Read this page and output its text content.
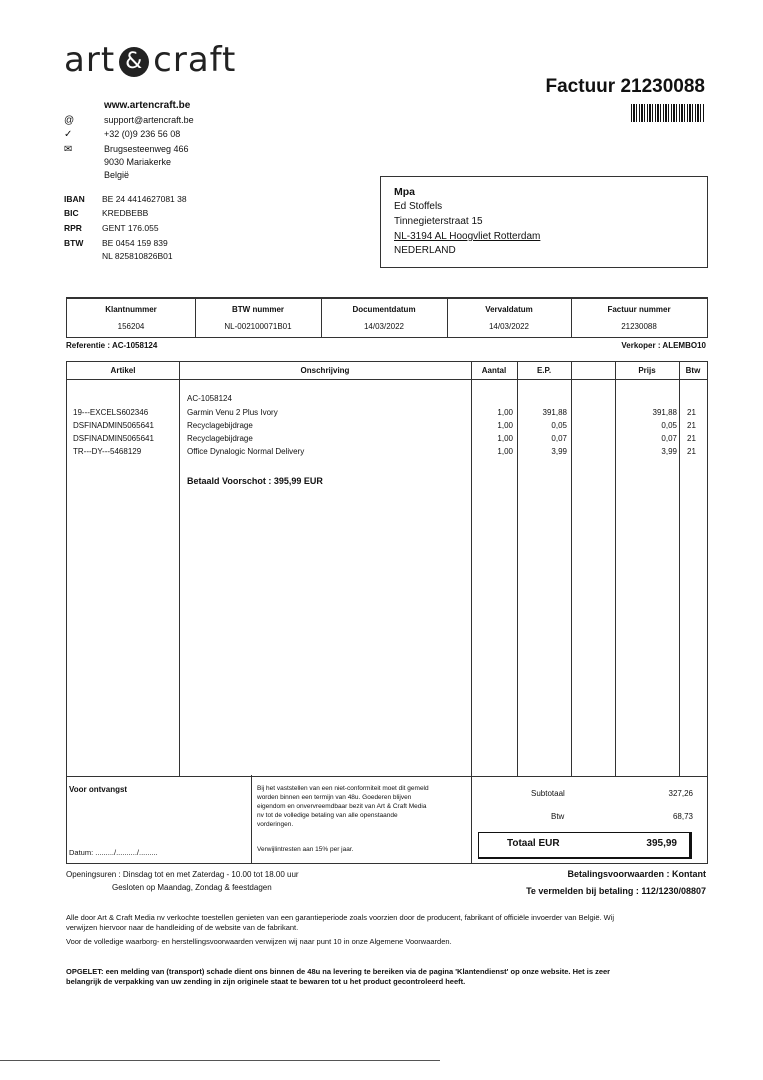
art & craft
Factuur 21230088
www.artencraft.be
@	support@artencraft.be
✓	+32 (0)9 236 56 08
✉	Brugsesteenweg 466
9030 Mariakerke
België
IBAN BE 24 4414627081 38
BIC	KREDBEBB
RPR GENT 176.055
BTW BE 0454 159 839
NL 825810826B01
Mpa
Ed Stoffels
Tinnegieterstraat 15
NL-3194 AL Hoogvliet Rotterdam
NEDERLAND
Klantnummer
156204
BTW nummer
NL-002100071B01
Documentdatum
14/03/2022
Vervaldatum
14/03/2022
Factuur nummer
21230088
Referentie : AC-1058124	Verkoper : ALEMBO10
Artikel	Onschrijving	Aantal	E.P.	Prijs	Btw
AC-1058124
19---EXCELS602346	Garmin Venu 2 Plus Ivory	1,00	391,88	391,88 21
DSFINADMIN5065641	Recyclagebijdrage	1,00	0,05	0,05 21
DSFINADMIN5065641	Recyclagebijdrage	1,00	0,07	0,07 21
TR---DY---5468129	Office Dynalogic Normal Delivery	1,00	3,99	3,99 21
Betaald Voorschot : 395,99 EUR
Voor ontvangst
Datum: ........./........../.........
Bij het vaststellen van een niet-conformiteit moet dit gemeld worden binnen een termijn van 48u. Goederen blijven eigendom en onvervreemdbaar bezit van Art & Craft Media nv tot de volledige betaling van alle openstaande vorderingen.
Verwijlintresten aan 15% per jaar.
Subtotaal	327,26
Btw	68,73
Totaal EUR	395,99
Openingsuren : Dinsdag tot en met Zaterdag - 10.00 tot 18.00 uur
Gesloten op Maandag, Zondag & feestdagen
Betalingsvoorwaarden : Kontant
Te vermelden bij betaling : 112/1230/08807
Alle door Art & Craft Media nv verkochte toestellen genieten van een garantieperiode zoals voorzien door de producent, fabrikant of officiële invoerder van België. Wij verwijzen hiervoor naar de handleiding of de website van de fabrikant.
Voor de volledige waarborg- en herstellingsvoorwaarden verwijzen wij naar punt 10 in onze Algemene Voorwaarden.
OPGELET: een melding van (transport) schade dient ons binnen de 48u na levering te bereiken via de pagina 'Klantendienst' op onze website. Het is zeer belangrijk de verpakking van uw zending in zijn originele staat te bewaren tot u het product gecontroleerd heeft.
